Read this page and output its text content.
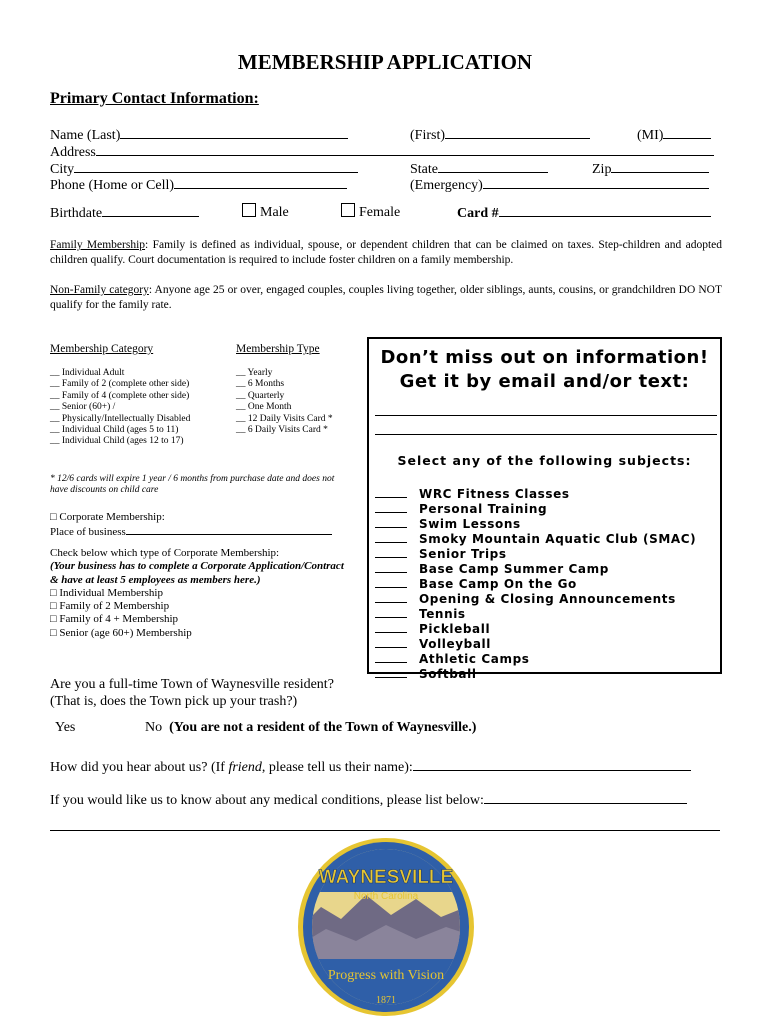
MEMBERSHIP APPLICATION
Primary Contact Information:
Name (Last)	(First)	(MI)
Address
City	State	Zip
Phone (Home or Cell)	(Emergency)
Birthdate	Male	Female	Card #
Family Membership: Family is defined as individual, spouse, or dependent children that can be claimed on taxes. Step-children and adopted children qualify. Court documentation is required to include foster children on a family membership.
Non-Family category: Anyone age 25 or over, engaged couples, couples living together, older siblings, aunts, cousins, or grandchildren DO NOT qualify for the family rate.
Membership Category
__ Individual Adult
__ Family of 2 (complete other side)
__ Family of 4 (complete other side)
__ Senior (60+) /
__ Physically/Intellectually Disabled
__ Individual Child (ages 5 to 11)
__ Individual Child (ages 12 to 17)
Membership Type
__ Yearly
__ 6 Months
__ Quarterly
__ One Month
__ 12 Daily Visits Card *
__ 6 Daily Visits Card *
* 12/6 cards will expire 1 year / 6 months from purchase date and does not
have discounts on child care
□ Corporate Membership:
Place of business
Check below which type of Corporate Membership:
(Your business has to complete a Corporate Application/Contract
& have at least 5 employees as members here.)
□ Individual Membership
□ Family of 2 Membership
□ Family of 4 + Membership
□ Senior (age 60+) Membership
Don’t miss out on information!
Get it by email and/or text:
Select any of the following subjects:
WRC Fitness Classes
Personal Training
Swim Lessons
Smoky Mountain Aquatic Club (SMAC)
Senior Trips
Base Camp Summer Camp
Base Camp On the Go
Opening & Closing Announcements
Tennis
Pickleball
Volleyball
Athletic Camps
Softball
Are you a full-time Town of Waynesville resident?
(That is, does the Town pick up your trash?)
Yes	No (You are not a resident of the Town of Waynesville.)
How did you hear about us? (If friend, please tell us their name):
If you would like us to know about any medical conditions, please list below:
WAYNESVILLE
North Carolina
Progress with Vision
1871
